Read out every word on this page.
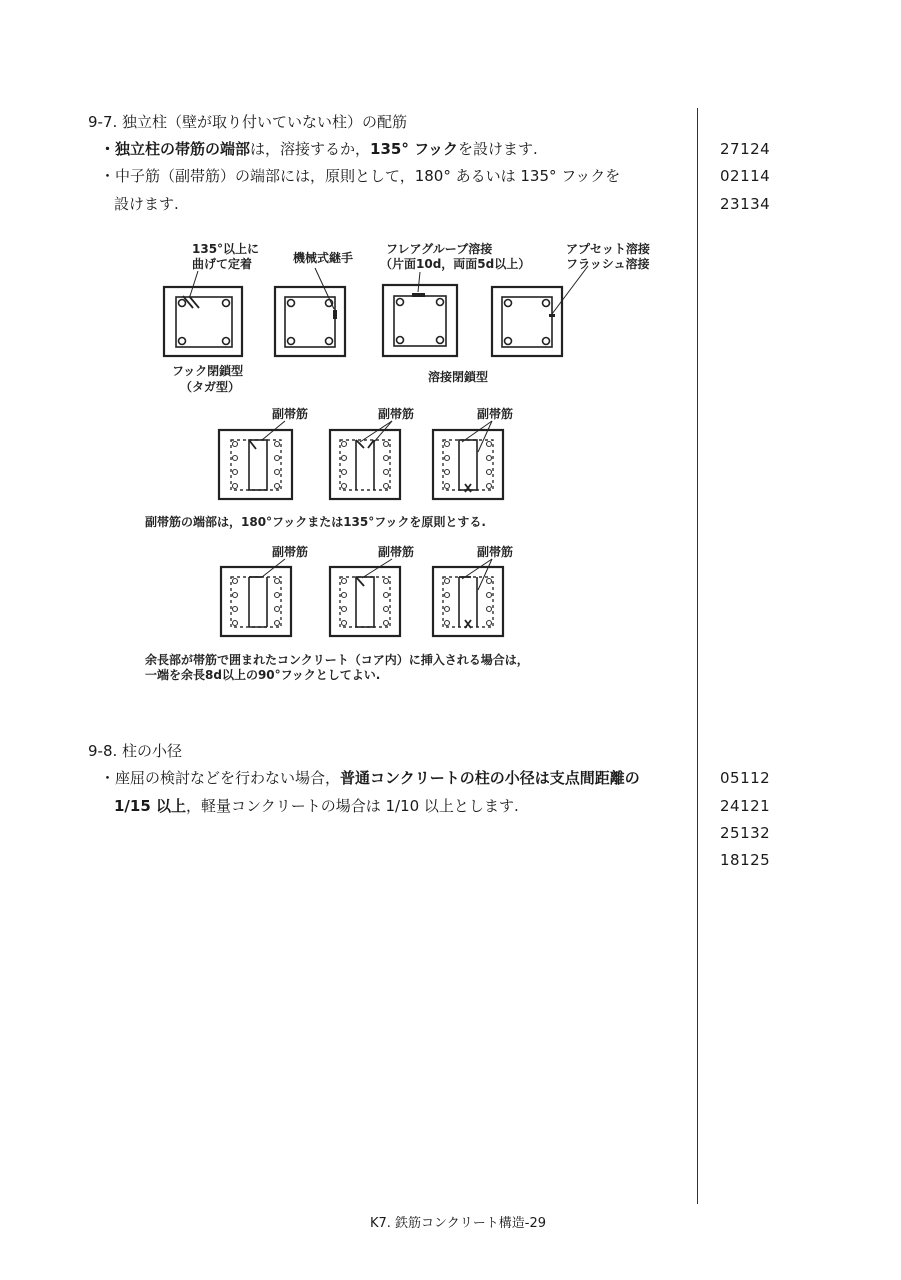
9-7. 独立柱（壁が取り付いていない柱）の配筋
・独立柱の帯筋の端部は，溶接するか，135° フックを設けます.
・中子筋（副帯筋）の端部には，原則として，180° あるいは 135° フックを
設けます.
27124
02114
23134
135°以上に
曲げて定着	機械式継手
フレアグルーブ溶接
（片面10d，両面5d以上）
アプセット溶接
フラッシュ溶接
フック閉鎖型
（タガ型）
溶接閉鎖型
副帯筋	副帯筋	副帯筋
副帯筋の端部は，180°フックまたは135°フックを原則とする.
副帯筋	副帯筋	副帯筋
余長部が帯筋で囲まれたコンクリート（コア内）に挿入される場合は，
一端を余長8d以上の90°フックとしてよい.
9-8. 柱の小径
・座屈の検討などを行わない場合，普通コンクリートの柱の小径は支点間距離の
1/15 以上，軽量コンクリートの場合は 1/10 以上とします.
05112
24121
25132
18125
K7. 鉄筋コンクリート構造-29
